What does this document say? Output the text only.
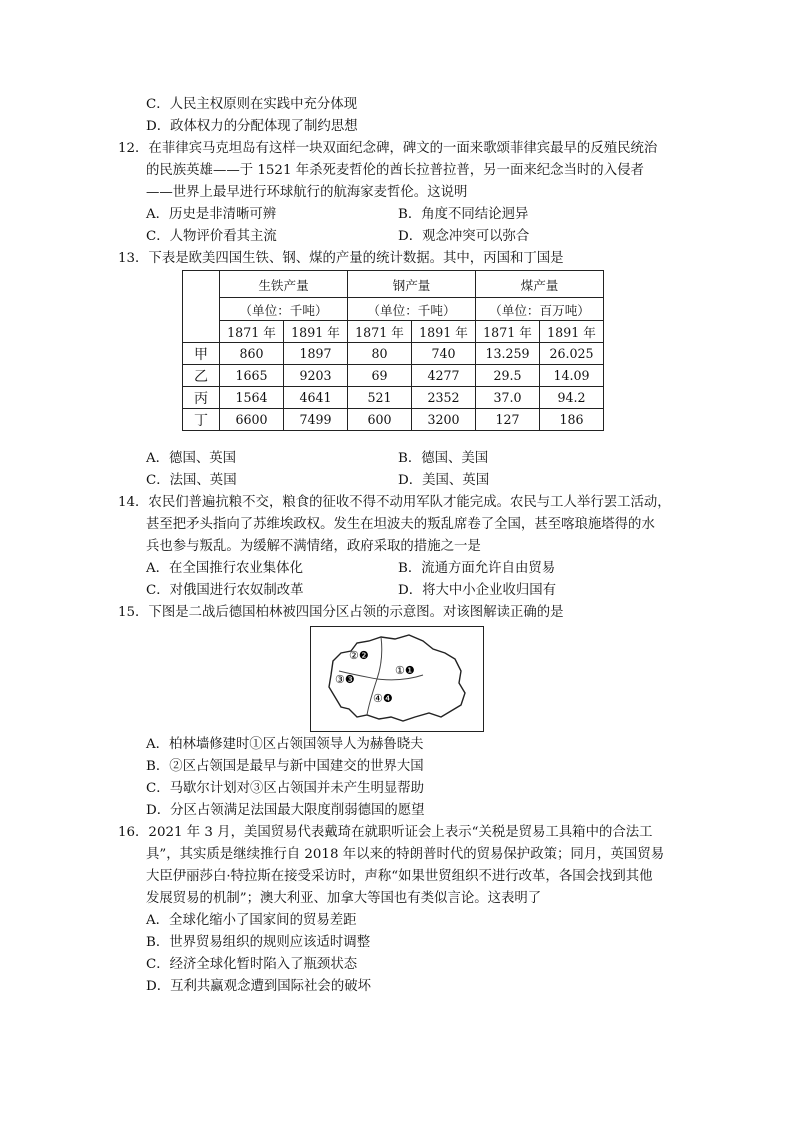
C．人民主权原则在实践中充分体现
D．政体权力的分配体现了制约思想
12．在菲律宾马克坦岛有这样一块双面纪念碑，碑文的一面来歌颂菲律宾最早的反殖民统治
的民族英雄——于 1521 年杀死麦哲伦的酋长拉普拉普，另一面来纪念当时的入侵者
——世界上最早进行环球航行的航海家麦哲伦。这说明
A．历史是非清晰可辨	B．角度不同结论迥异
C．人物评价看其主流	D．观念冲突可以弥合
13．下表是欧美四国生铁、钢、煤的产量的统计数据。其中，丙国和丁国是
	生铁产量		钢产量		煤产量	
	（单位：千吨）		（单位：千吨）		（单位：百万吨）	
	1871 年	1891 年	1871 年	1891 年	1871 年	1891 年
甲	860	1897	80	740	13.259	26.025
乙	1665	9203	69	4277	29.5	14.09
丙	1564	4641	521	2352	37.0	94.2
丁	6600	7499	600	3200	127	186
A．德国、英国	B．德国、美国
C．法国、英国	D．美国、英国
14．农民们普遍抗粮不交，粮食的征收不得不动用军队才能完成。农民与工人举行罢工活动，
甚至把矛头指向了苏维埃政权。发生在坦波夫的叛乱席卷了全国，甚至喀琅施塔得的水
兵也参与叛乱。为缓解不满情绪，政府采取的措施之一是
A．在全国推行农业集体化	B．流通方面允许自由贸易
C．对俄国进行农奴制改革	D．将大中小企业收归国有
15．下图是二战后德国柏林被四国分区占领的示意图。对该图解读正确的是
②❷
①❶
③❸
④❹
A．柏林墙修建时①区占领国领导人为赫鲁晓夫
B．②区占领国是最早与新中国建交的世界大国
C．马歇尔计划对③区占领国并未产生明显帮助
D．分区占领满足法国最大限度削弱德国的愿望
16．2021 年 3 月，美国贸易代表戴琦在就职听证会上表示“关税是贸易工具箱中的合法工
具”，其实质是继续推行自 2018 年以来的特朗普时代的贸易保护政策；同月，英国贸易
大臣伊丽莎白·特拉斯在接受采访时，声称“如果世贸组织不进行改革，各国会找到其他
发展贸易的机制”；澳大利亚、加拿大等国也有类似言论。这表明了
A．全球化缩小了国家间的贸易差距
B．世界贸易组织的规则应该适时调整
C．经济全球化暂时陷入了瓶颈状态
D．互利共赢观念遭到国际社会的破坏
